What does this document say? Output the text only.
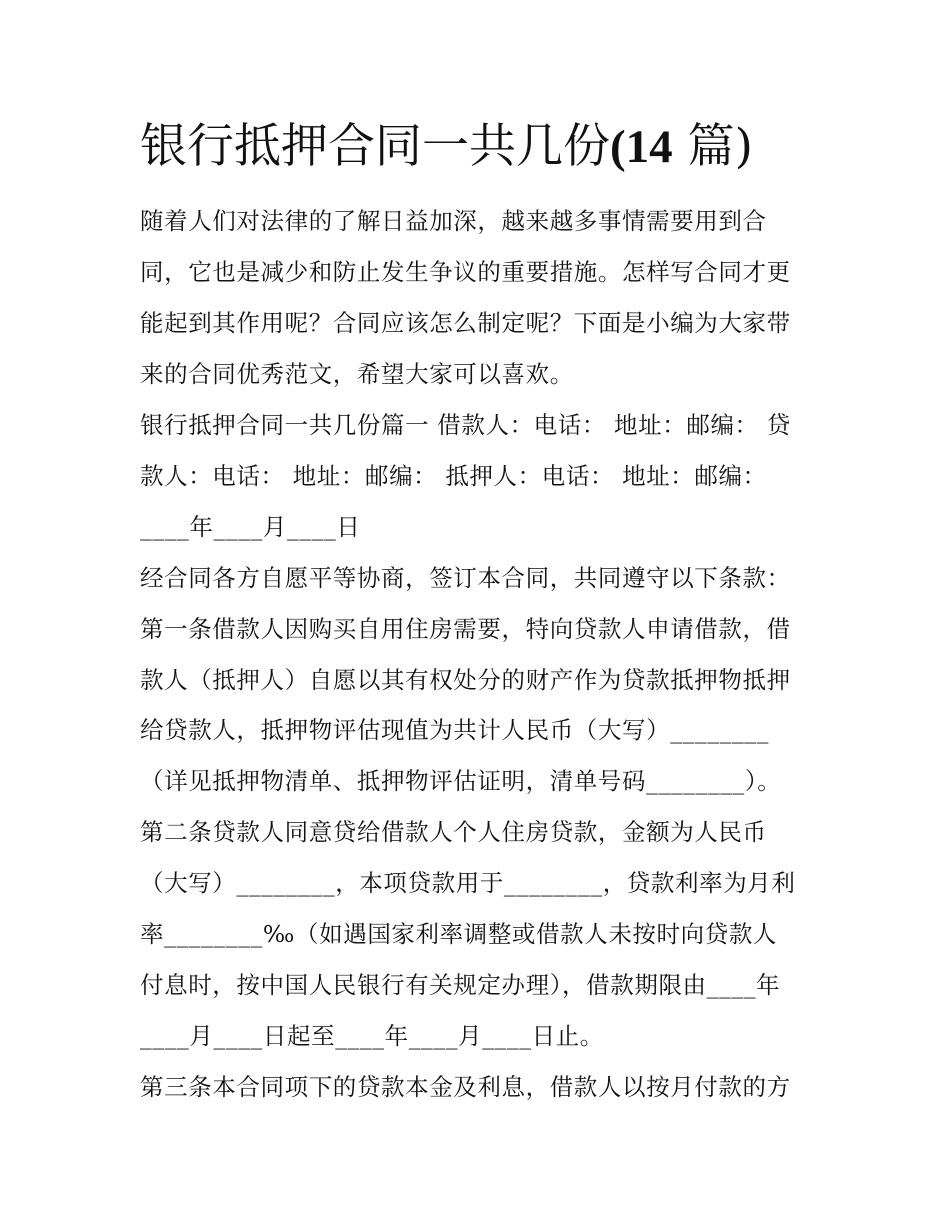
银行抵押合同一共几份(14 篇)

随着人们对法律的了解日益加深，越来越多事情需要用到合

同，它也是减少和防止发生争议的重要措施。怎样写合同才更

能起到其作用呢？合同应该怎么制定呢？下面是小编为大家带

来的合同优秀范文，希望大家可以喜欢。

银行抵押合同一共几份篇一 借款人：电话： 地址：邮编： 贷

款人：电话： 地址：邮编： 抵押人：电话： 地址：邮编：

____年____月____日

经合同各方自愿平等协商，签订本合同，共同遵守以下条款：

第一条借款人因购买自用住房需要，特向贷款人申请借款，借

款人（抵押人）自愿以其有权处分的财产作为贷款抵押物抵押

给贷款人，抵押物评估现值为共计人民币（大写）________

（详见抵押物清单、抵押物评估证明，清单号码________）。

第二条贷款人同意贷给借款人个人住房贷款，金额为人民币

（大写）________，本项贷款用于________，贷款利率为月利

率________‰（如遇国家利率调整或借款人未按时向贷款人

付息时，按中国人民银行有关规定办理），借款期限由____年

____月____日起至____年____月____日止。

第三条本合同项下的贷款本金及利息，借款人以按月付款的方
